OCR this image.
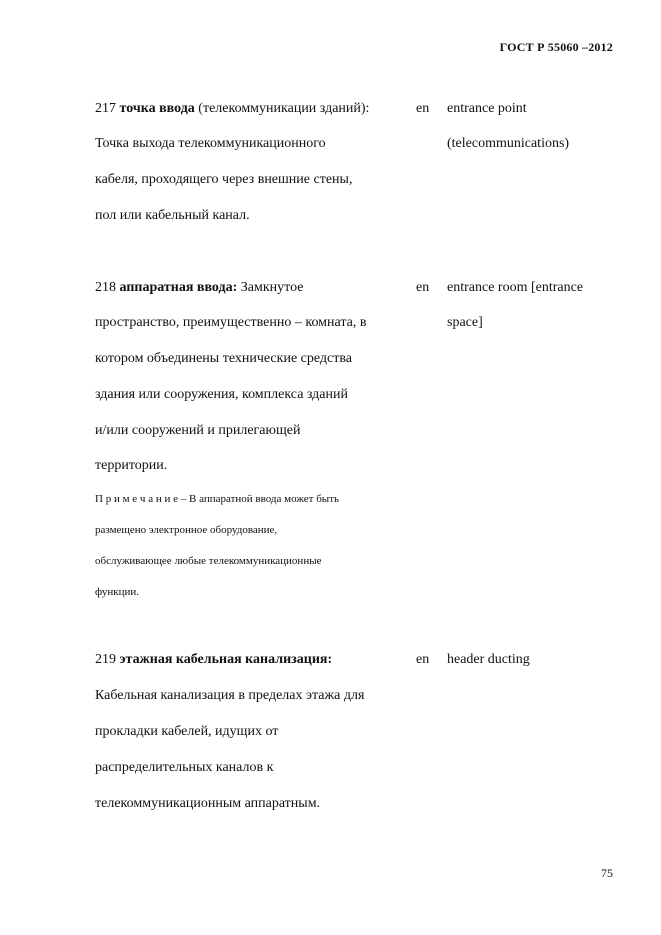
ГОСТ Р 55060 –2012
217 точка ввода (телекоммуникации зданий):
Точка выхода телекоммуникационного
кабеля, проходящего через внешние стены,
пол или кабельный канал.
en entrance point
(telecommunications)
218 аппаратная ввода: Замкнутое
пространство, преимущественно – комната, в
котором объединены технические средства
здания или сооружения, комплекса зданий
и/или сооружений и прилегающей
территории.
П р и м е ч а н и е – В аппаратной ввода может быть
размещено электронное оборудование,
обслуживающее любые телекоммуникационные
функции.
en entrance room [entrance
space]
219 этажная кабельная канализация:
Кабельная канализация в пределах этажа для
прокладки кабелей, идущих от
распределительных каналов к
телекоммуникационным аппаратным.
en header ducting
75
